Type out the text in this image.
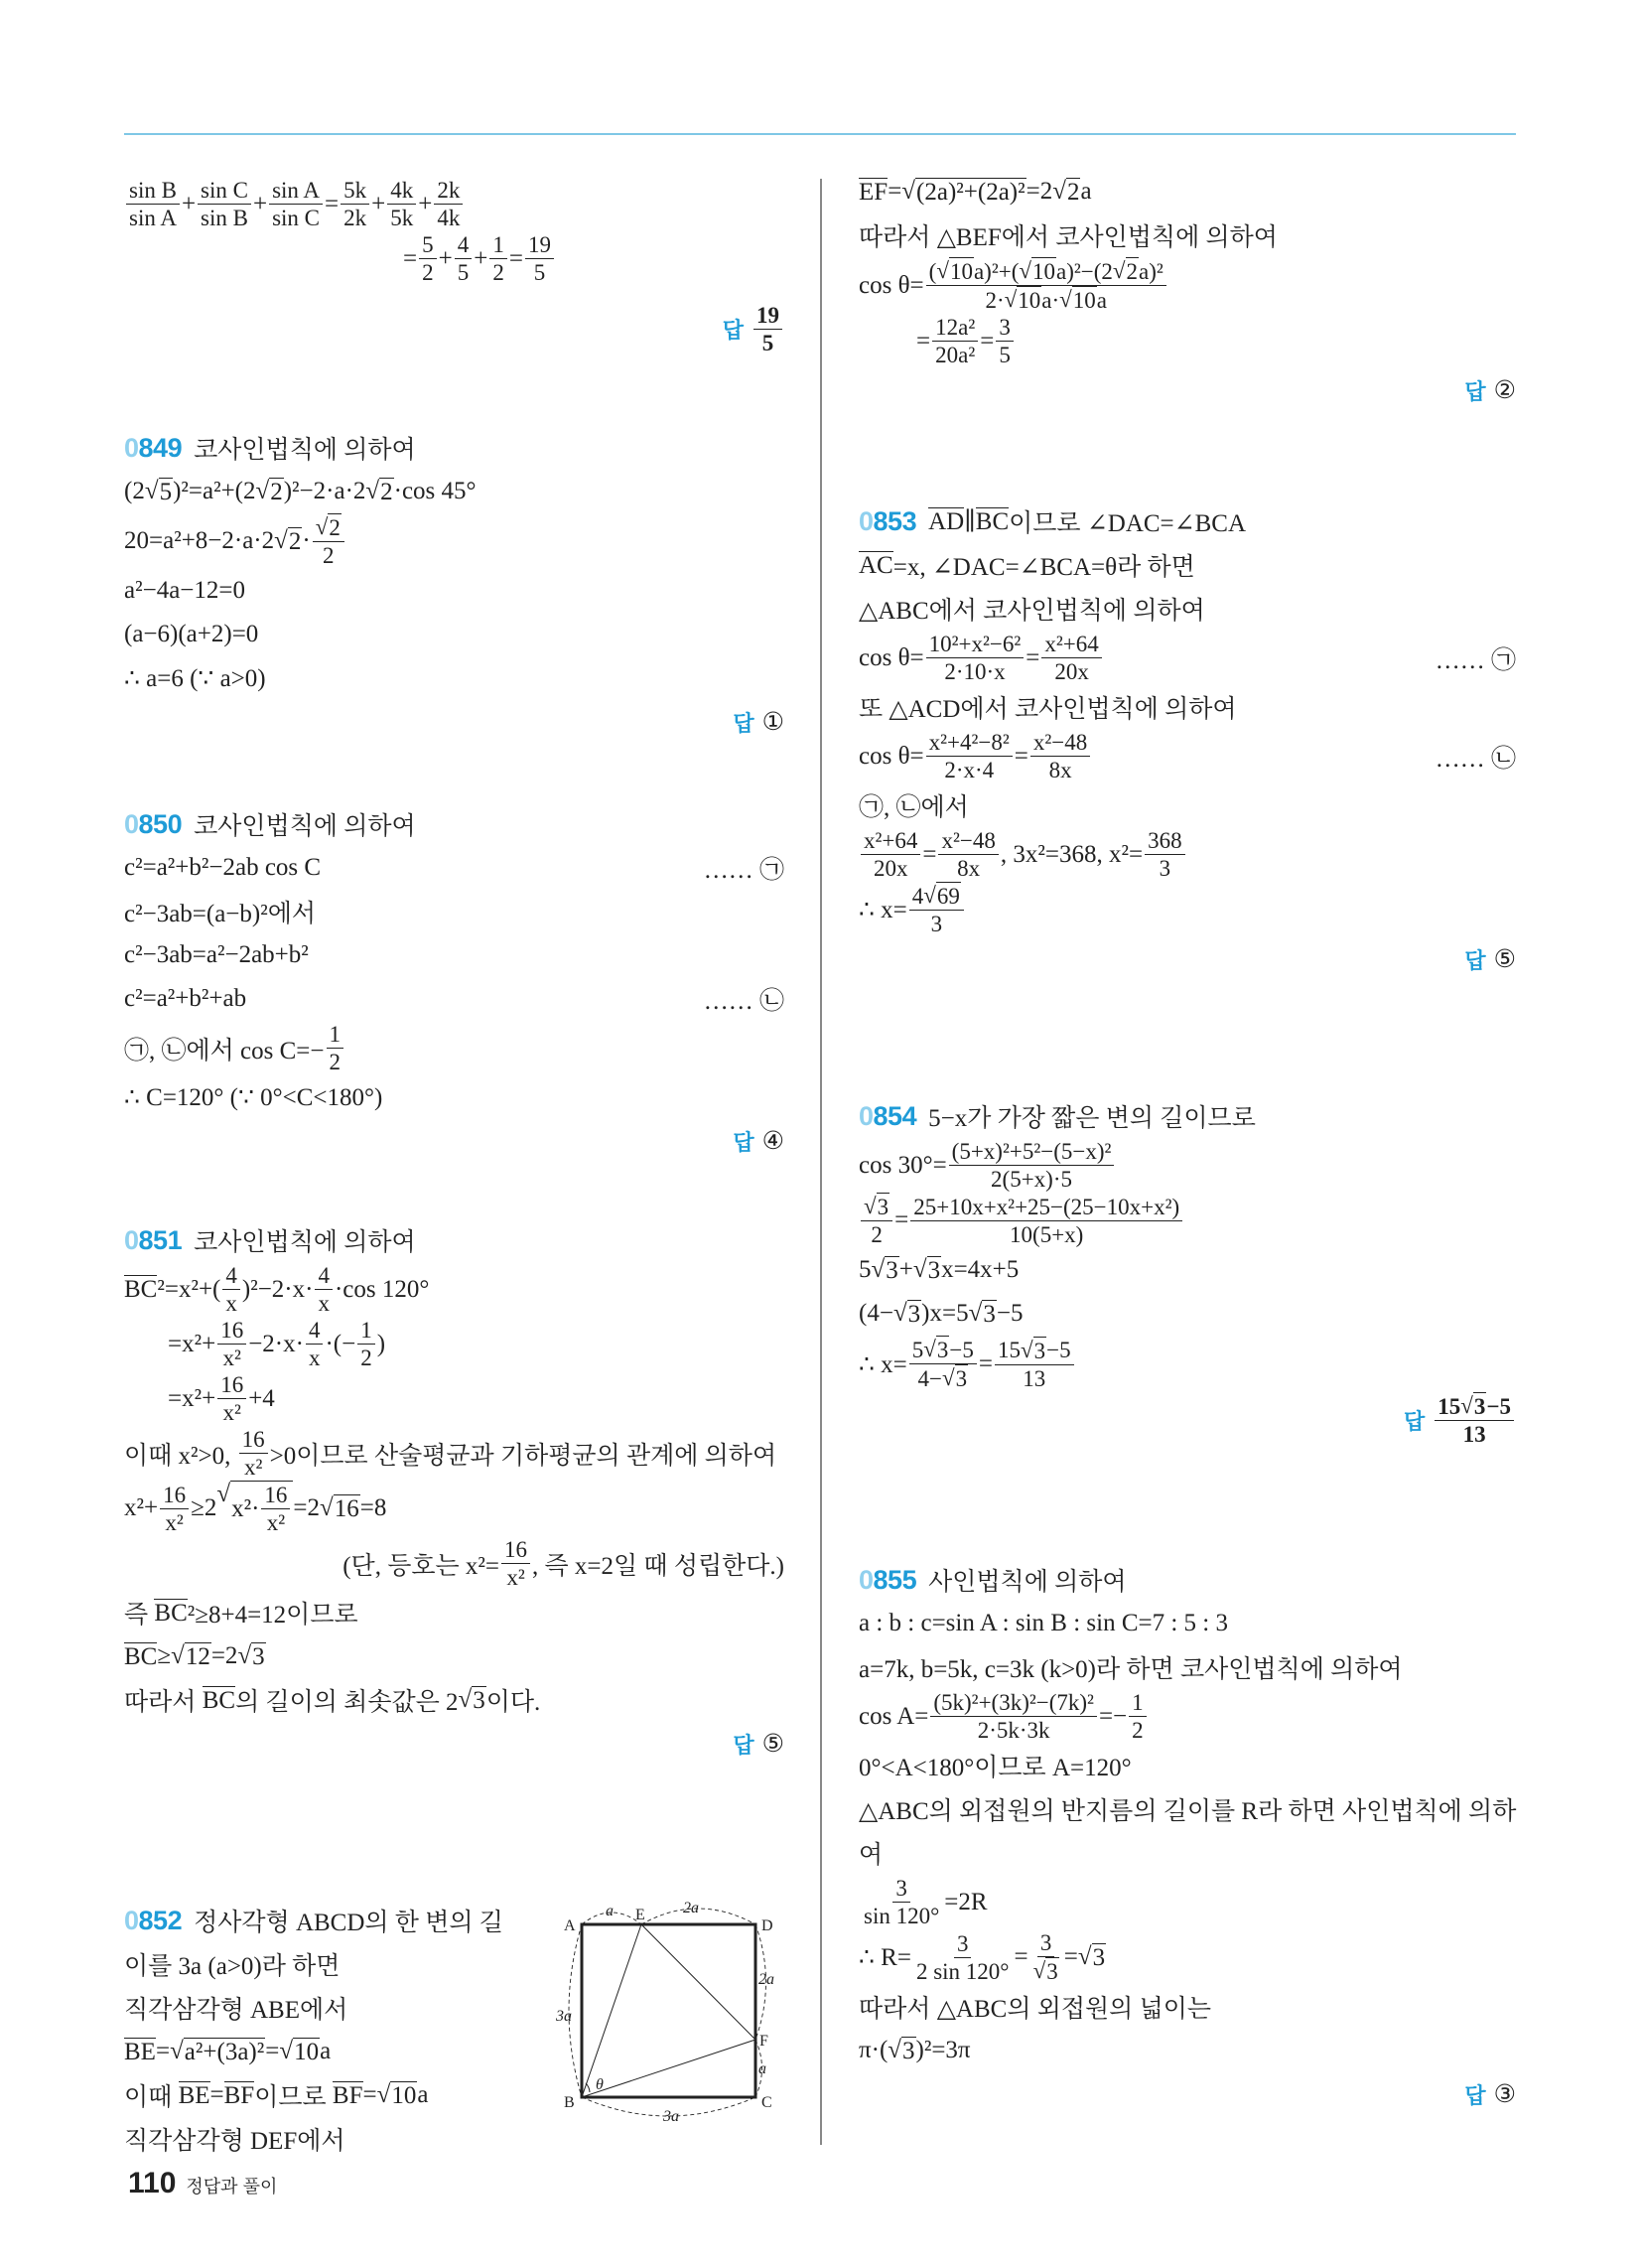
$\frac{\text{sin B}}{\text{sin A}} + \frac{\text{sin C}}{\text{sin B}} + \frac{\text{sin A}}{\text{sin C}} = \frac{5k}{2k} + \frac{4k}{5k} + \frac{2k}{4k}$
= $\frac{5}{2} + \frac{4}{5} + \frac{1}{2} = \frac{19}{5}$
답 $\frac{19}{5}$
0849 코사인법칙에 의하여
(2 √ 5 )²=a²+(2 √ 2 )²−2·a·2 √ 2 ·cos 45°
20=a²+8−2·a·2 √ $2 \cdot \frac{√ 2}{2}$
a²−4a−12=0
(a−6)(a+2)=0
∴ a=6 (∵ a>0)
답 ①
0850 코사인법칙에 의하여
c²=a²+b²−2ab cos C	…… ㉠
c²−3ab=(a−b)²에서
c²−3ab=a²−2ab+b²
c²=a²+b²+ab	…… ㉡
㉠, ㉡에서 $\cos C=- \frac{1}{2}$
∴ C=120° (∵ 0°<C<180°)
답 ④
0851 코사인법칙에 의하여
BC $^2=x^2+( \frac{4}{x} )^2-2\cdot x\cdot \frac{4}{x} \cdot\cos$ 120°
$=x^2+ \frac{16}{\text{x²}} -2\cdot x\cdot \frac{4}{x}$ ·(− $\frac{1}{2}$ )
$=x^2+ \frac{16}{\text{x²}} +4$
이때 x²>0, $\frac{16}{\text{x²}} >0$이므로 산술평균과 기하평균의 관계에 의하여
$x^2+ \frac{16}{\text{x²}} \ge 2$
√
$x^2\cdot \frac{16}{\text{x²}} =2$ √ 16 =8
(단, 등호는 $x^2= \frac{16}{\text{x²}}$ , 즉 x=2일 때 성립한다.)
즉 BC ²≥8+4=12이므로
BC ≥ √ 12 =2 √ 3
따라서 BC 의 길이의 최솟값은 2 √ 3 이다.
답 ⑤
0852 정사각형 ABCD의 한 변의 길
이를 3a (a>0)라 하면
직각삼각형 ABE에서
BE = √ a²+(3a)² = √ 10 a
이때 BE = BF 이므로 BF = √ 10 a
직각삼각형 DEF에서
EF = √ (2a)²+(2a)² =2 √ 2 a
따라서 △BEF에서 코사인법칙에 의하여
$\cos \theta= \frac{\text{( √ 10 a)²+( √ 10 a)²−(2 √ 2 a)²}}{2\cdot √ 10 a\cdot √ 10 a}$
= $\frac{\text{12a²}}{\text{20a²}} = \frac{3}{5}$
답 ②
0853 AD ∥ BC 이므로 ∠DAC=∠BCA
AC =x, ∠DAC=∠BCA=θ라 하면
△ABC에서 코사인법칙에 의하여
$\cos \theta= \frac{\text{10²+x²−6²}}{2\cdot 10\cdot x} = \frac{\text{x²+64}}{20x}$	…… ㉠
또 △ACD에서 코사인법칙에 의하여
$\cos \theta= \frac{\text{x²+4²−8²}}{2\cdot x\cdot 4} = \frac{\text{x²−48}}{8x}$	…… ㉡
㉠, ㉡에서
$\frac{\text{x²+64}}{20x} = \frac{\text{x²−48}}{8x}$ , 3x²=368, $x^2= \frac{368}{3}$
∴ $x= \frac{4 √ 69}{3}$
답 ⑤
0854 5−x가 가장 짧은 변의 길이므로
$\cos 30^\circ= \frac{\text{(5+x)²+5²−(5−x)²}}{2(5+x)\cdot 5}$
$\frac{√ 3}{2} = \frac{\text{25+10x+x²+25−(25−10x+x²)}}{10(5+x)}$
5 √ 3 + √ 3 x=4x+5
(4− √ 3 )x=5 √ 3 −5
∴ $x= \frac{5 √ 3 -5}{4- √ 3} = \frac{15 √ 3 -5}{13}$
답 $\frac{15 √ 3 -5}{13}$
0855 사인법칙에 의하여
a : b : c=sin A : sin B : sin C=7 : 5 : 3
a=7k, b=5k, c=3k (k>0)라 하면 코사인법칙에 의하여
$\cos A= \frac{\text{(5k)²+(3k)²−(7k)²}}{2\cdot 5k\cdot 3k} =- \frac{1}{2}$
0°<A<180°이므로 A=120°
△ABC의 외접원의 반지름의 길이를 R라 하면 사인법칙에 의하
여
$\frac{3}{\sin 120^\circ} =2R$
∴ $R= \frac{3}{2 \sin 120^\circ} = \frac{3}{√ 3}$ = √ 3
따라서 △ABC의 외접원의 넓이는
π·( √ 3 )²=3π
답 ③
A
E
D
F
C
B
a	2a
2a
a
3a
3a
θ
110 정답과 풀이
